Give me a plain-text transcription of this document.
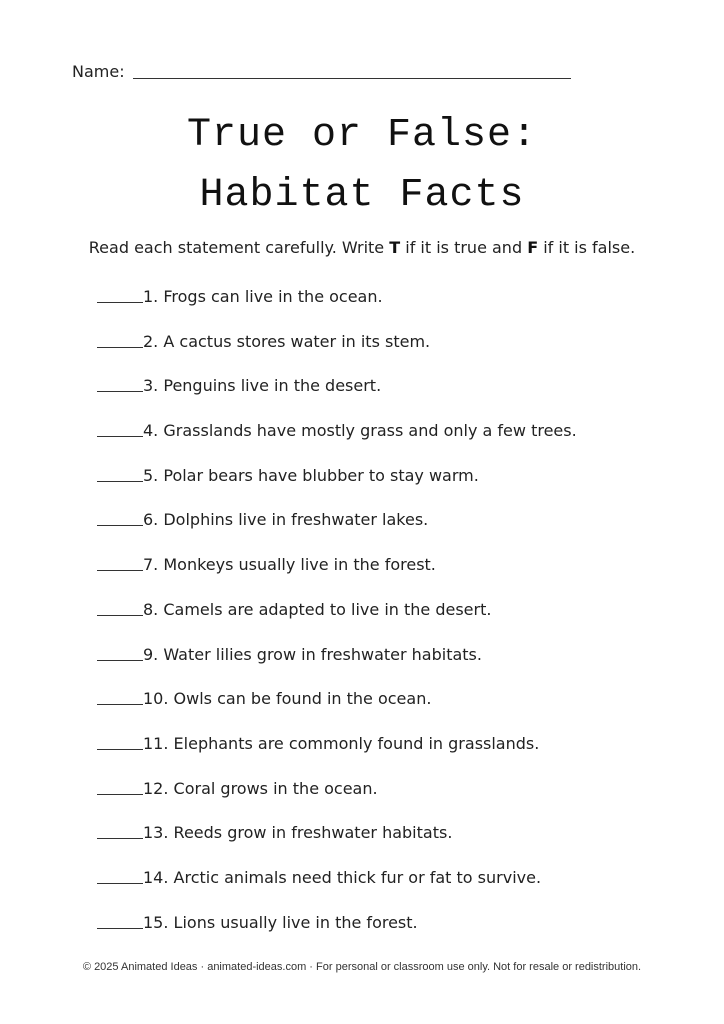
Name:
True or False:
Habitat Facts
Read each statement carefully. Write T if it is true and F if it is false.
1.
Frogs can live in the ocean.
2.
A cactus stores water in its stem.
3.
Penguins live in the desert.
4.
Grasslands have mostly grass and only a few trees.
5.
Polar bears have blubber to stay warm.
6.
Dolphins live in freshwater lakes.
7.
Monkeys usually live in the forest.
8.
Camels are adapted to live in the desert.
9.
Water lilies grow in freshwater habitats.
10.
Owls can be found in the ocean.
11.
Elephants are commonly found in grasslands.
12.
Coral grows in the ocean.
13.
Reeds grow in freshwater habitats.
14.
Arctic animals need thick fur or fat to survive.
15.
Lions usually live in the forest.
© 2025 Animated Ideas · animated-ideas.com · For personal or classroom use only. Not for resale or redistribution.
